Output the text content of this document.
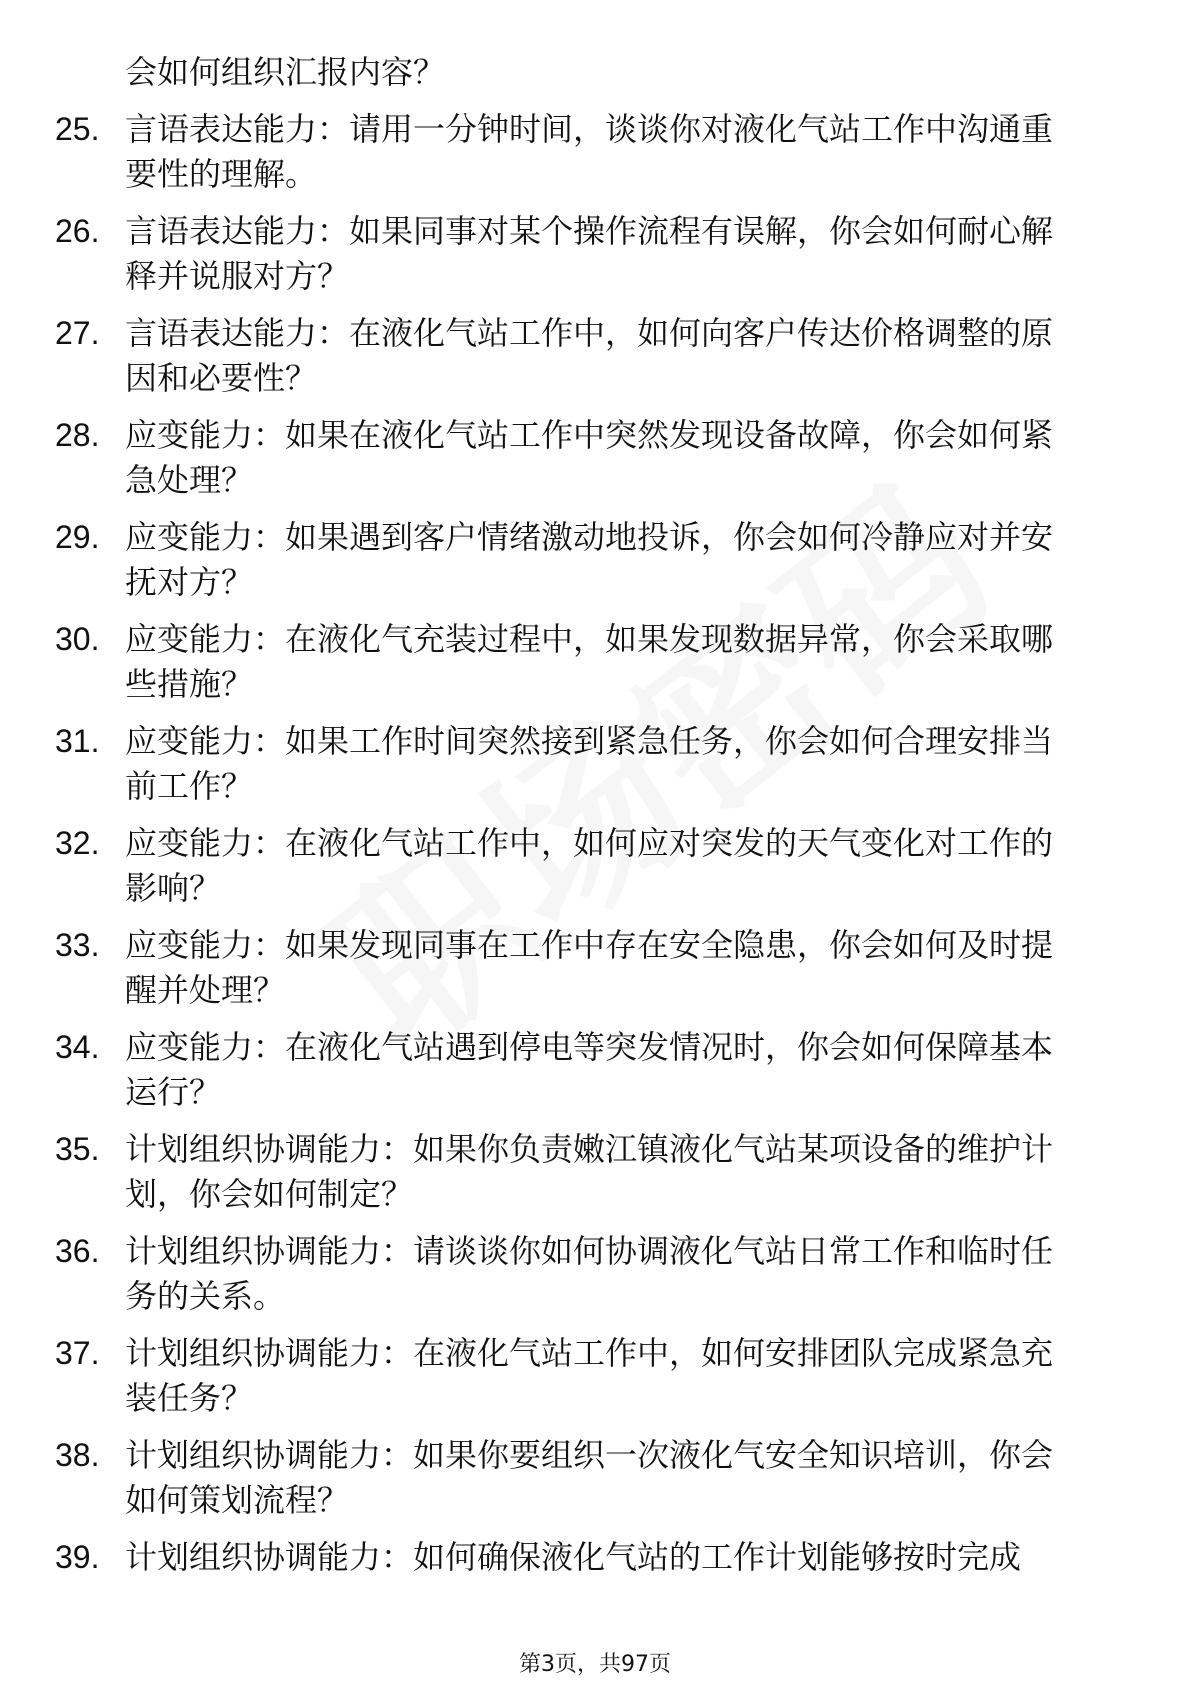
会如何组织汇报内容？
25. 言语表达能力：请用一分钟时间，谈谈你对液化气站工作中沟通重要性的理解。
26. 言语表达能力：如果同事对某个操作流程有误解，你会如何耐心解释并说服对方？
27. 言语表达能力：在液化气站工作中，如何向客户传达价格调整的原因和必要性？
28. 应变能力：如果在液化气站工作中突然发现设备故障，你会如何紧急处理？
29. 应变能力：如果遇到客户情绪激动地投诉，你会如何冷静应对并安抚对方？
30. 应变能力：在液化气充装过程中，如果发现数据异常，你会采取哪些措施？
31. 应变能力：如果工作时间突然接到紧急任务，你会如何合理安排当前工作？
32. 应变能力：在液化气站工作中，如何应对突发的天气变化对工作的影响？
33. 应变能力：如果发现同事在工作中存在安全隐患，你会如何及时提醒并处理？
34. 应变能力：在液化气站遇到停电等突发情况时，你会如何保障基本运行？
35. 计划组织协调能力：如果你负责嫩江镇液化气站某项设备的维护计划，你会如何制定？
36. 计划组织协调能力：请谈谈你如何协调液化气站日常工作和临时任务的关系。
37. 计划组织协调能力：在液化气站工作中，如何安排团队完成紧急充装任务？
38. 计划组织协调能力：如果你要组织一次液化气安全知识培训，你会如何策划流程？
39. 计划组织协调能力：如何确保液化气站的工作计划能够按时完成
第3页，共97页
